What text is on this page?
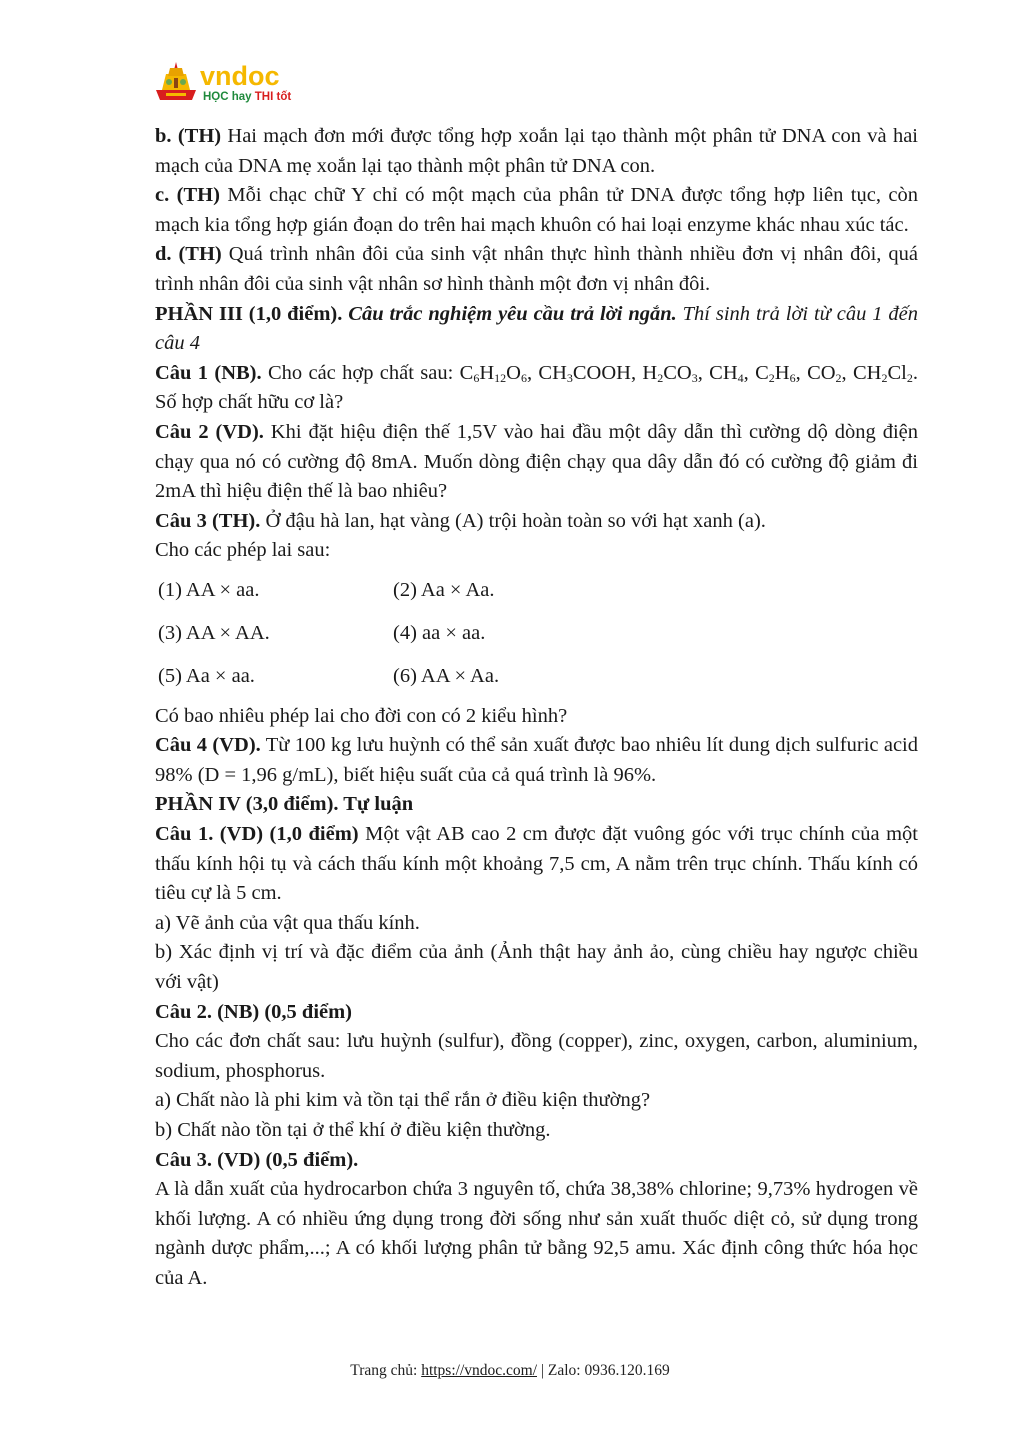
vndoc
HỌC hay THI tốt

b. (TH) Hai mạch đơn mới được tổng hợp xoắn lại tạo thành một phân tử DNA con và hai mạch của DNA mẹ xoắn lại tạo thành một phân tử DNA con.

c. (TH) Mỗi chạc chữ Y chỉ có một mạch của phân tử DNA được tổng hợp liên tục, còn mạch kia tổng hợp gián đoạn do trên hai mạch khuôn có hai loại enzyme khác nhau xúc tác.

d. (TH) Quá trình nhân đôi của sinh vật nhân thực hình thành nhiều đơn vị nhân đôi, quá trình nhân đôi của sinh vật nhân sơ hình thành một đơn vị nhân đôi.

PHẦN III (1,0 điểm). Câu trắc nghiệm yêu cầu trả lời ngắn. Thí sinh trả lời từ câu 1 đến câu 4

Câu 1 (NB). Cho các hợp chất sau: $C_6H_{12}O_6$, $CH_3COOH$, $H_2CO_3$, $CH_4$, $C_2H_6$, $CO_2$, $CH_2Cl_2$. Số hợp chất hữu cơ là?

Câu 2 (VD). Khi đặt hiệu điện thế 1,5V vào hai đầu một dây dẫn thì cường dộ dòng điện chạy qua nó có cường độ 8mA. Muốn dòng điện chạy qua dây dẫn đó có cường độ giảm đi 2mA thì hiệu điện thế là bao nhiêu?

Câu 3 (TH). Ở đậu hà lan, hạt vàng (A) trội hoàn toàn so với hạt xanh (a).

Cho các phép lai sau:

(1) AA × aa.	(2) Aa × Aa.
(3) AA × AA.	(4) aa × aa.
(5) Aa × aa.	(6) AA × Aa.

Có bao nhiêu phép lai cho đời con có 2 kiểu hình?

Câu 4 (VD). Từ 100 kg lưu huỳnh có thể sản xuất được bao nhiêu lít dung dịch sulfuric acid 98% (D = 1,96 g/mL), biết hiệu suất của cả quá trình là 96%.

PHẦN IV (3,0 điểm). Tự luận

Câu 1. (VD) (1,0 điểm) Một vật AB cao 2 cm được đặt vuông góc với trục chính của một thấu kính hội tụ và cách thấu kính một khoảng 7,5 cm, A nằm trên trục chính. Thấu kính có tiêu cự là 5 cm.

a) Vẽ ảnh của vật qua thấu kính.

b) Xác định vị trí và đặc điểm của ảnh (Ảnh thật hay ảnh ảo, cùng chiều hay ngược chiều với vật)

Câu 2. (NB) (0,5 điểm)

Cho các đơn chất sau: lưu huỳnh (sulfur), đồng (copper), zinc, oxygen, carbon, aluminium, sodium, phosphorus.

a) Chất nào là phi kim và tồn tại thể rắn ở điều kiện thường?

b) Chất nào tồn tại ở thể khí ở điều kiện thường.

Câu 3. (VD) (0,5 điểm).

A là dẫn xuất của hydrocarbon chứa 3 nguyên tố, chứa 38,38% chlorine; 9,73% hydrogen về khối lượng. A có nhiều ứng dụng trong đời sống như sản xuất thuốc diệt cỏ, sử dụng trong ngành dược phẩm,...; A có khối lượng phân tử bằng 92,5 amu. Xác định công thức hóa học của A.

Trang chủ: https://vndoc.com/ | Zalo: 0936.120.169
